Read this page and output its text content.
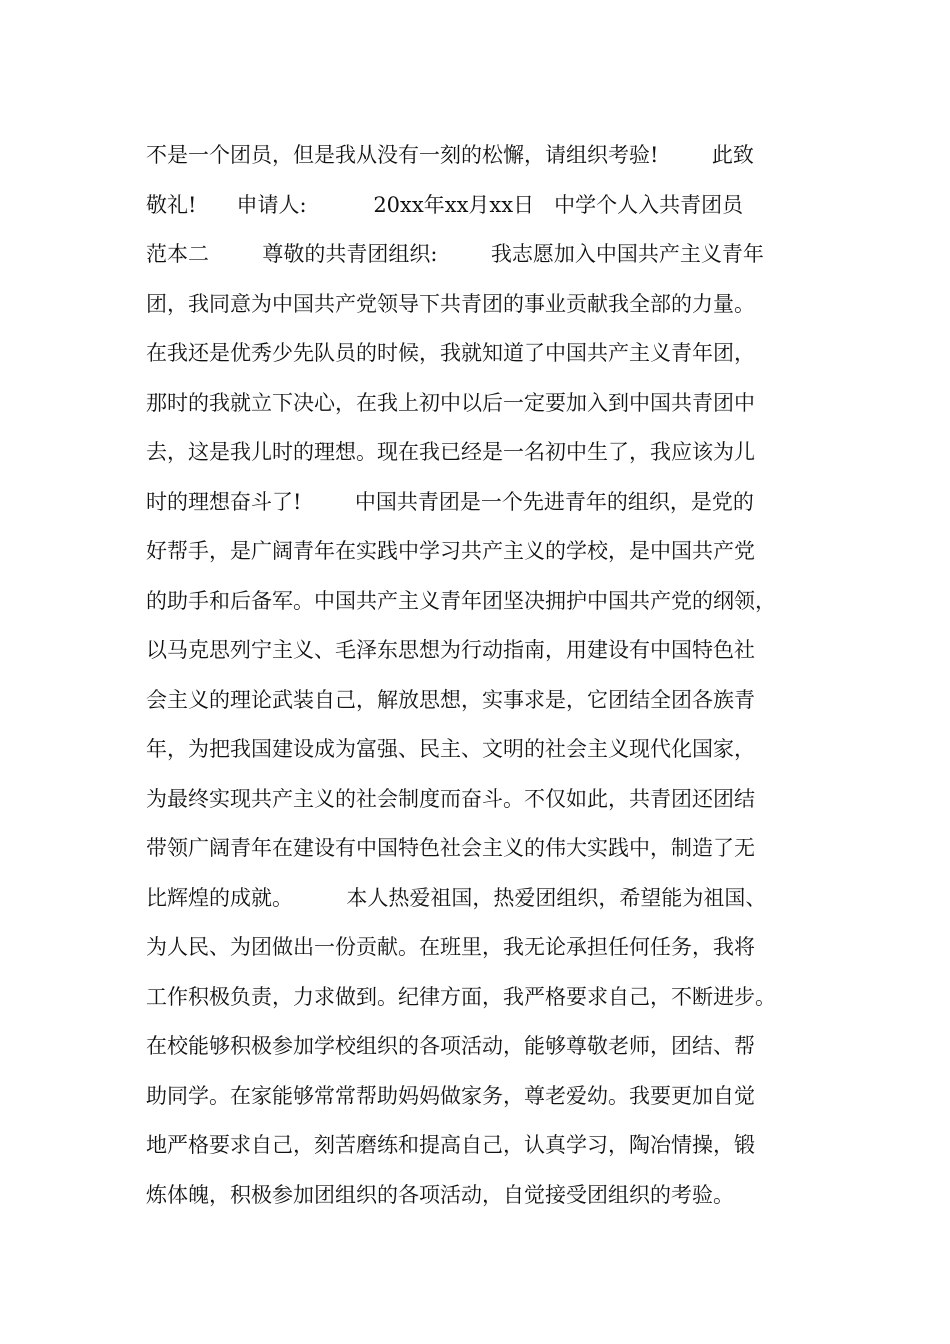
不是一个团员，但是我从没有一刻的松懈，请组织考验!        此致
敬礼!      申请人:          20xx年xx月xx日   中学个人入共青团员
范本二        尊敬的共青团组织:        我志愿加入中国共产主义青年
团，我同意为中国共产党领导下共青团的事业贡献我全部的力量。
在我还是优秀少先队员的时候，我就知道了中国共产主义青年团，
那时的我就立下决心，在我上初中以后一定要加入到中国共青团中
去，这是我儿时的理想。现在我已经是一名初中生了，我应该为儿
时的理想奋斗了!        中国共青团是一个先进青年的组织，是党的
好帮手，是广阔青年在实践中学习共产主义的学校，是中国共产党
的助手和后备军。中国共产主义青年团坚决拥护中国共产党的纲领，
以马克思列宁主义、毛泽东思想为行动指南，用建设有中国特色社
会主义的理论武装自己，解放思想，实事求是，它团结全团各族青
年，为把我国建设成为富强、民主、文明的社会主义现代化国家，
为最终实现共产主义的社会制度而奋斗。不仅如此，共青团还团结
带领广阔青年在建设有中国特色社会主义的伟大实践中，制造了无
比辉煌的成就。        本人热爱祖国，热爱团组织，希望能为祖国、
为人民、为团做出一份贡献。在班里，我无论承担任何任务，我将
工作积极负责，力求做到。纪律方面，我严格要求自己，不断进步。
在校能够积极参加学校组织的各项活动，能够尊敬老师，团结、帮
助同学。在家能够常常帮助妈妈做家务，尊老爱幼。我要更加自觉
地严格要求自己，刻苦磨练和提高自己，认真学习，陶冶情操，锻
炼体魄，积极参加团组织的各项活动，自觉接受团组织的考验。
